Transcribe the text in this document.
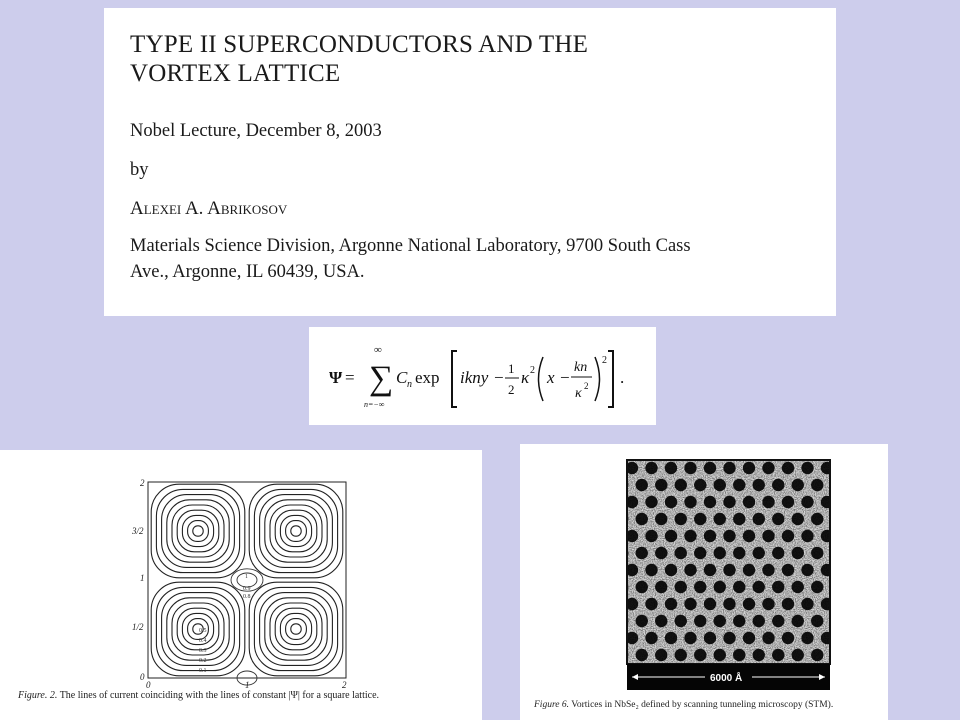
TYPE II SUPERCONDUCTORS AND THE VORTEX LATTICE

Nobel Lecture, December 8, 2003

by

Alexei A. Abrikosov

Materials Science Division, Argonne National Laboratory, 9700 South Cass

Ave., Argonne, IL 60439, USA.

Ψ = ∑
∞
n=−∞
C n exp ikny − 1
2
κ 2 x −
kn
κ 2
2
.
2
3/2
1
1/2
0
0	1	2
1
0.9
0.8
0.5
0.4
0.3
0.2
0.1
Figure. 2. The lines of current coinciding with the lines of constant |Ψ| for a square lattice.
6000 Å
Figure 6. Vortices in NbSe₂ defined by scanning tunneling microscopy (STM).
